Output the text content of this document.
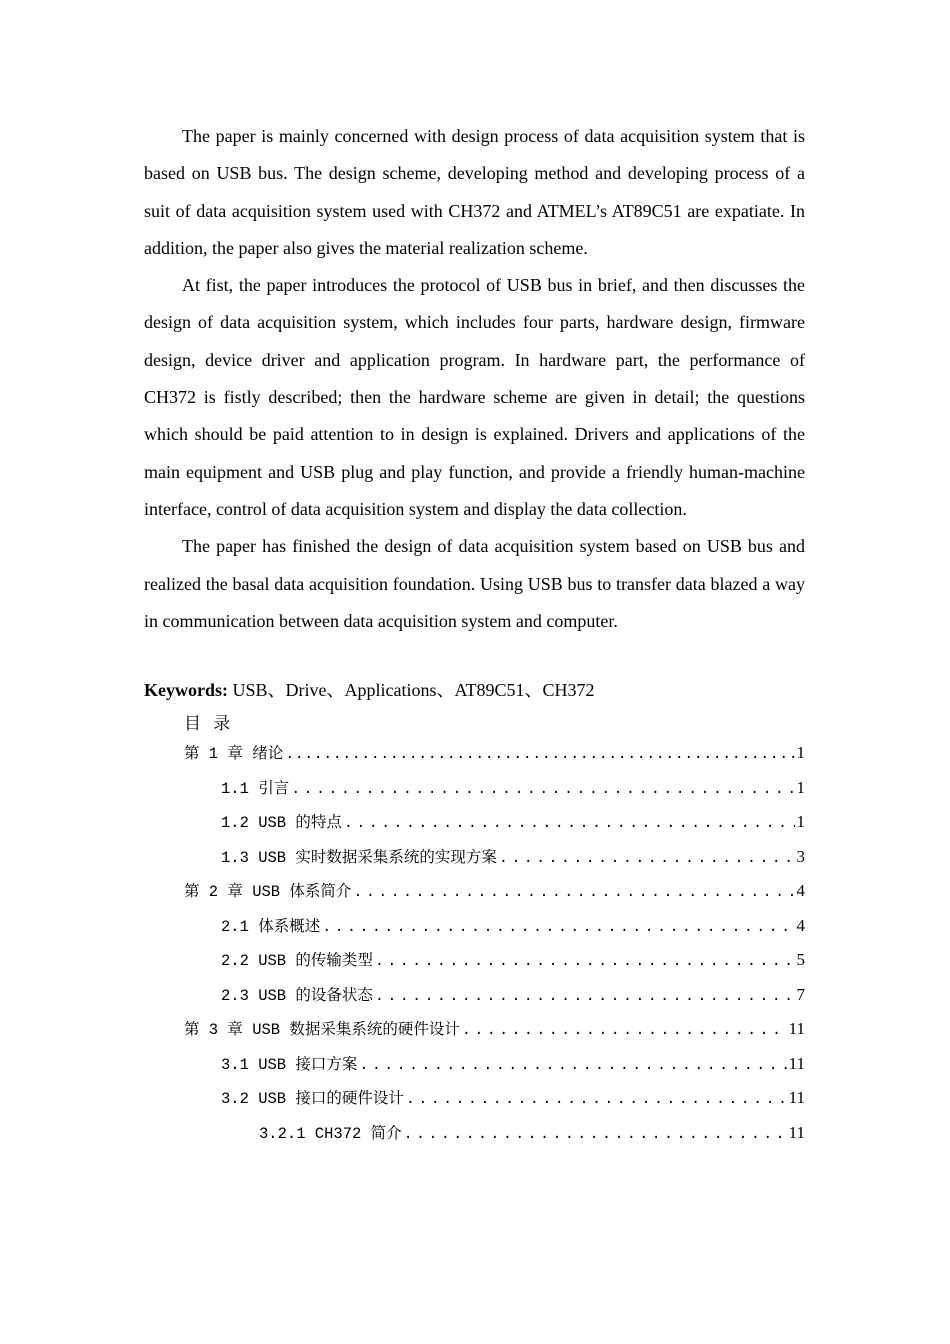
The paper is mainly concerned with design process of data acquisition system that is based on USB bus. The design scheme, developing method and developing process of a suit of data acquisition system used with CH372 and ATMEL’s AT89C51 are expatiate. In addition, the paper also gives the material realization scheme.

At fist, the paper introduces the protocol of USB bus in brief, and then discusses the design of data acquisition system, which includes four parts, hardware design, firmware design, device driver and application program. In hardware part, the performance of CH372 is fistly described; then the hardware scheme are given in detail; the questions which should be paid attention to in design is explained. Drivers and applications of the main equipment and USB plug and play function, and provide a friendly human-machine interface, control of data acquisition system and display the data collection.

The paper has finished the design of data acquisition system based on USB bus and realized the basal data acquisition foundation. Using USB bus to transfer data blazed a way in communication between data acquisition system and computer.

Keywords: USB、Drive、Applications、AT89C51、CH372
目 录
第 1 章 绪论 .....	1
1.1 引言 .....	1
1.2 USB 的特点 .....	1
1.3 USB 实时数据采集系统的实现方案 .....	3
第 2 章 USB 体系简介 .....	4
2.1 体系概述 .....	4
2.2 USB 的传输类型 .....	5
2.3 USB 的设备状态 .....	7
第 3 章 USB 数据采集系统的硬件设计 .....	11
3.1 USB 接口方案 .....	11
3.2 USB 接口的硬件设计 .....	11
3.2.1 CH372 简介 .....	11
